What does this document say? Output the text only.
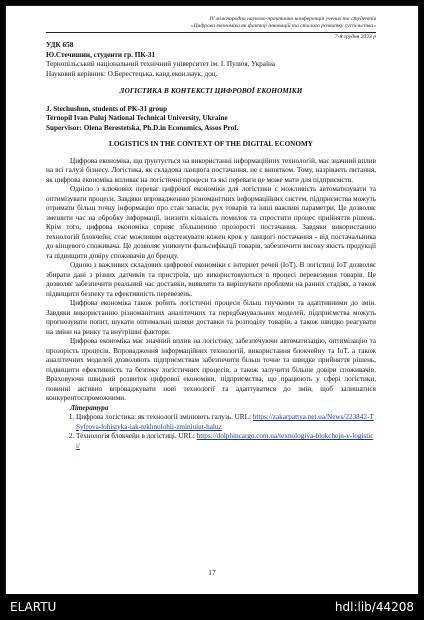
IV міжнародна науково-практична конференція учених та студентів
«Цифрова економіка як фактор інновацій та сталого розвитку суспільства»
7-8 грудня 2023 р
УДК 658
Ю.Стечишин, студенти гр. ПК-31
Тернопільський національний технічний університет ім. І. Пулюя, Україна
Науковий керівник: О.Берестецька, канд.екон.наук, доц.
ЛОГІСТИКА В КОНТЕКСТІ ЦИФРОВОЇ ЕКОНОМІКИ
J. Stechushun, students of PK-31 group
Ternopil Ivan Puluj National Technical University, Ukraine
Supervisor: Olena Berestetska, Ph.D.in Economics, Assos Prof.
LOGISTICS IN THE CONTEXT OF THE DIGITAL ECONOMY

Цифрова економіка, що ґрунтується на використанні інформаційних технологій, має значний вплив на всі галузі бізнесу. Логістика, як складова ланцюга постачання, не є винятком. Тому, назріваєть питання, як цифрова економіка впливає на логістичні процеси та які переваги це може мати для підприємств.

Однією з ключових переваг цифрової економіки для логістики є можливість автоматизувати та оптимізувати процеси. Завдяки впровадженню різноманітних інформаційних систем, підприємства можуть отримати більш точну інформацію про стан запасів, рух товарів та інші важливі параметри. Це дозволяє змешити час на обробку інформації, знизити кількість помилок та спростити процес прийняття рішень. Крім того, цифрова економіка сприяє збільшенню прозорості постачання. Завдяки використанню технологій блокчейн, стає можливим відстежувати кожен крок у ланцюгі постачання - від постачальника до кінцевого споживача. Це дозволяє уникнути фальсифікації товарів, забезпечити високу якість продукції та підвищити довіру споживачів до бренду.

Одною з важливих складових цифрової економіки є інтернет речей (IoT). В логістиці IoT дозволяє збирати дані з різних датчиків та пристроїв, що використовуються в процесі перевезення товарів. Це дозволяє забезпечити реальний час доставки, виявляти та вирішувати проблеми на ранніх стадіях, а також підвищити безпеку та ефективність перевезень.

Цифрова економіка також робить логістичні процеси більш гнучкими та адаптивними до змін. Завдяки використанню різноманітних аналітичних та передбачувальних моделей, підприємства можуть прогнозувати попит, шукати оптимальні шляхи доставки та розподілу товарів, а також швидко реагувати на зміни на ринку та внутрішні фактори.

Цифрова економіка має значний вплив на логістику, забезпечуючи автоматизацію, оптимізацію та прозорість процесів. Впровадження інформаційних технологій, використання блокчейну та IoT, а також аналітичних моделей дозволяють підприємствам забезпечити більш точне та швидке прийняття рішень, підвищити ефективність та безпеку логістичних процесів, а також залучити більше довіри споживачів. Враховуючи швидкий розвиток цифрової економіки, підприємства, що працюють у сфері логістики, повинні активно впроваджувати нові технології та адаптуватися до змін, щоб залишатися конкурентоспроможними.

Література

1. Цифрова логістика: як технології змінюють галузь. URL: https://zakarpattya.net.ua/News/223842-TSyfrova-lohistyka-iak-tekhnolohii-zminiuiut-haluz
2. Технологія блокчейн в логістиці. URL: https://dolphincargo.com.ua/texnologiya-blokchejn-v-logistici/
17
ELARTU	hdl:lib/44208
